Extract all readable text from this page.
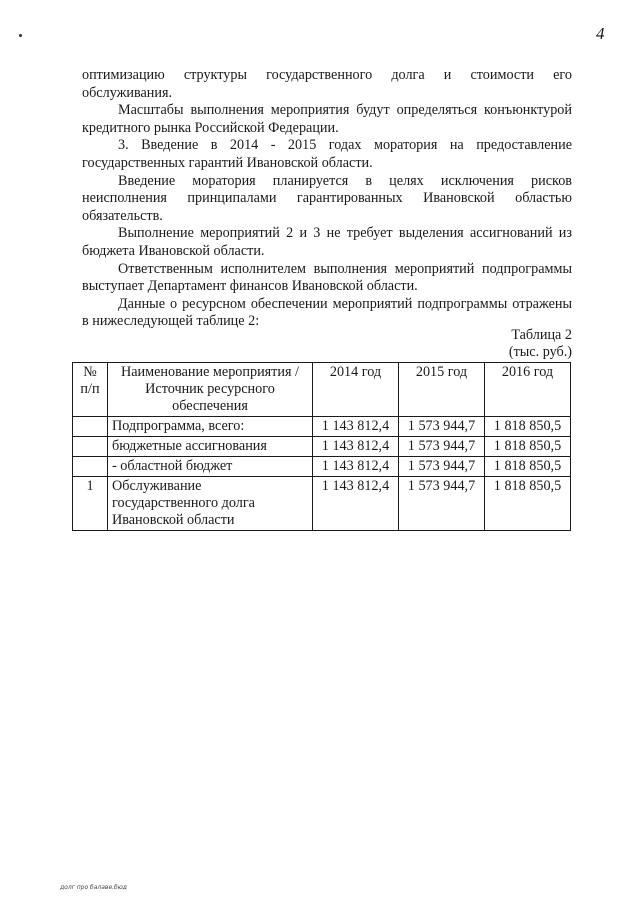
4

оптимизацию структуры государственного долга и стоимости его обслуживания.

Масштабы выполнения мероприятия будут определяться конъюнктурой кредитного рынка Российской Федерации.

3. Введение в 2014 - 2015 годах моратория на предоставление государственных гарантий Ивановской области.

Введение моратория планируется в целях исключения рисков неисполнения принципалами гарантированных Ивановской областью обязательств.

Выполнение мероприятий 2 и 3 не требует выделения ассигнований из бюджета Ивановской области.

Ответственным исполнителем выполнения мероприятий подпрограммы выступает Департамент финансов Ивановской области.

Данные о ресурсном обеспечении мероприятий подпрограммы отражены в нижеследующей таблице 2:

Таблица 2
(тыс. руб.)
№ п/п	Наименование мероприятия / Источник ресурсного обеспечения	2014 год	2015 год	2016 год
	Подпрограмма, всего:	1 143 812,4	1 573 944,7	1 818 850,5
	бюджетные ассигнования	1 143 812,4	1 573 944,7	1 818 850,5
	- областной бюджет	1 143 812,4	1 573 944,7	1 818 850,5
1	Обслуживание государственного долга Ивановской области	1 143 812,4	1 573 944,7	1 818 850,5
долг про балаве.бюд
